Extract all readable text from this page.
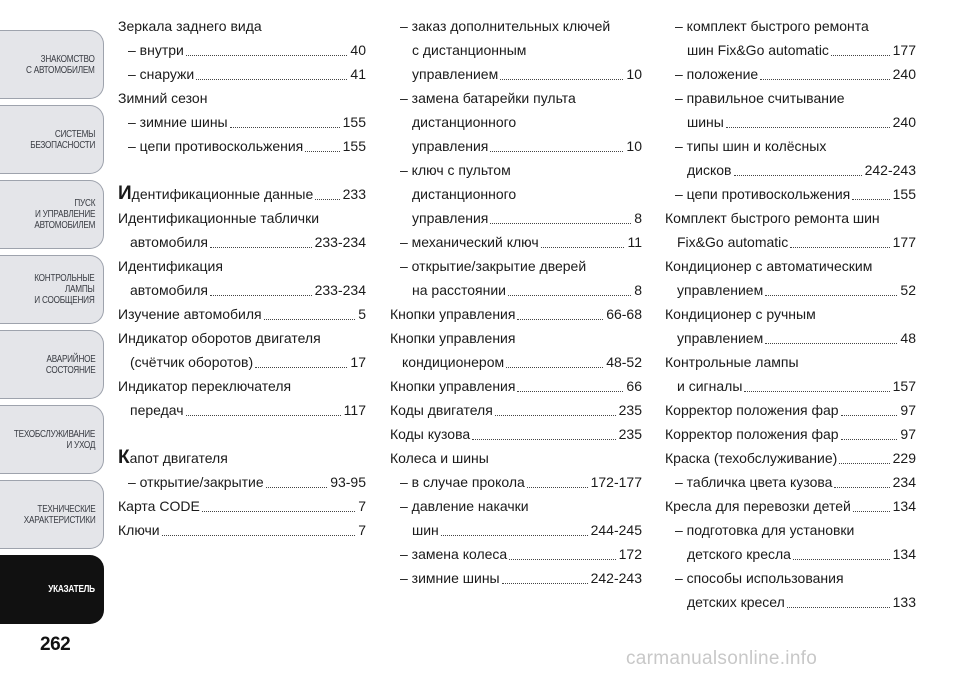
ЗНАКОМСТВО
С АВТОМОБИЛЕМ
СИСТЕМЫ
БЕЗОПАСНОСТИ
ПУСК
И УПРАВЛЕНИЕ
АВТОМОБИЛЕМ
КОНТРОЛЬНЫЕ
ЛАМПЫ
И СООБЩЕНИЯ
АВАРИЙНОЕ
СОСТОЯНИЕ
ТЕХОБСЛУЖИВАНИЕ
И УХОД
ТЕХНИЧЕСКИЕ
ХАРАКТЕРИСТИКИ
УКАЗАТЕЛЬ
262
Зеркала заднего вида
– внутри	40
– снаружи	41
Зимний сезон
– зимние шины	155
– цепи противоскольжения	155
Идентификационные данные 233
Идентификационные таблички
автомобиля	233-234
Идентификация
автомобиля	233-234
Изучение автомобиля	5
Индикатор оборотов двигателя
(счётчик оборотов)	17
Индикатор переключателя
передач	117
Капот двигателя
– открытие/закрытие	93-95
Карта CODE	7
Ключи	7
– заказ дополнительных ключей
с дистанционным
управлением	10
– замена батарейки пульта
дистанционного
управления	10
– ключ с пультом
дистанционного
управления	8
– механический ключ	11
– открытие/закрытие дверей
на расстоянии	8
Кнопки управления	66-68
Кнопки управления
кондиционером	48-52
Кнопки управления	66
Коды двигателя	235
Коды кузова	235
Колеса и шины
– в случае прокола	172-177
– давление накачки
шин	244-245
– замена колеса	172
– зимние шины	242-243
– комплект быстрого ремонта
шин Fix&Go automatic	177
– положение	240
– правильное считывание
шины	240
– типы шин и колёсных
дисков	242-243
– цепи противоскольжения	155
Комплект быстрого ремонта шин
Fix&Go automatic	177
Кондиционер с автоматическим
управлением	52
Кондиционер с ручным
управлением	48
Контрольные лампы
и сигналы	157
Корректор положения фар	97
Корректор положения фар	97
Краска (техобслуживание)	229
– табличка цвета кузова	234
Кресла для перевозки детей	134
– подготовка для установки
детского кресла	134
– способы использования
детских кресел	133
carmanualsonline.info
